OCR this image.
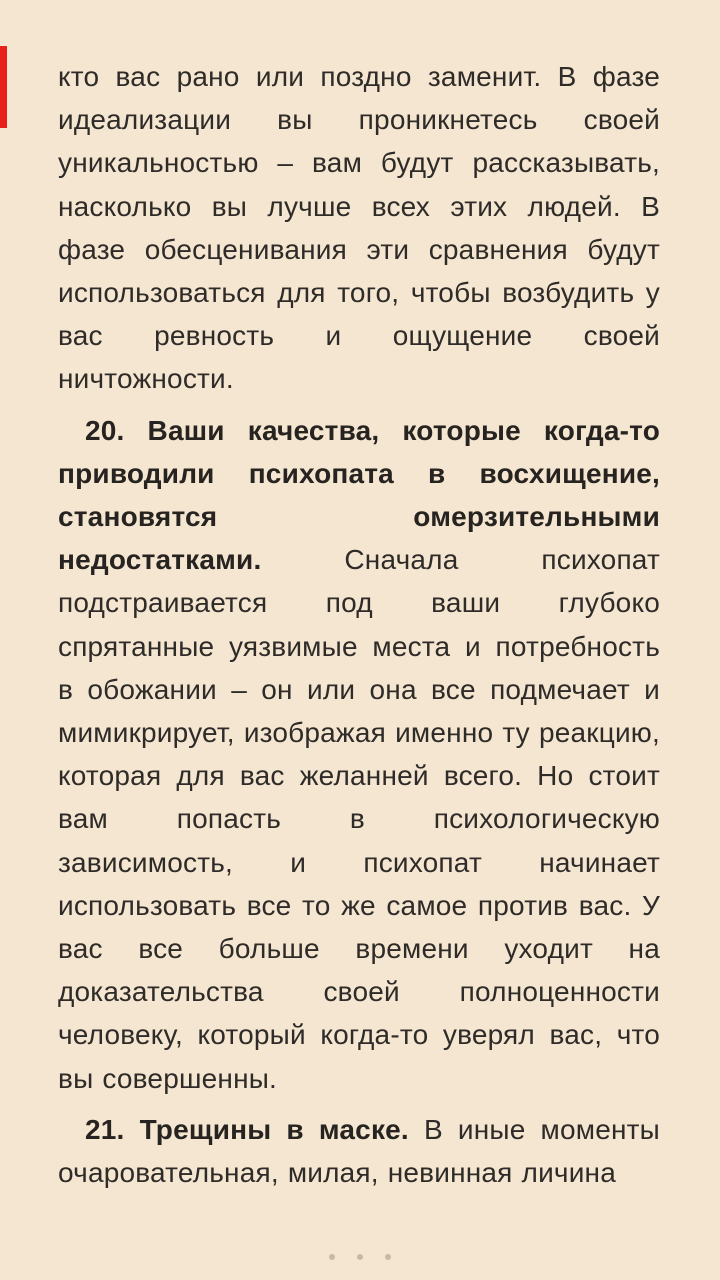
кто вас рано или поздно заменит. В фазе идеализации вы проникнетесь своей уникальностью – вам будут рассказывать, насколько вы лучше всех этих людей. В фазе обесценивания эти сравнения будут использоваться для того, чтобы возбудить у вас ревность и ощущение своей ничтожности.

20. Ваши качества, которые когда-то приводили психопата в восхищение, становятся омерзительными недостатками.	Сначала психопат подстраивается под ваши глубоко спрятанные уязвимые места и потребность в обожании – он или она все подмечает и мимикрирует, изображая именно ту реакцию, которая для вас желанней всего. Но стоит вам попасть в психологическую зависимость, и психопат начинает использовать все то же самое против вас. У вас все больше времени уходит на доказательства своей полноценности человеку, который когда-то уверял вас, что вы совершенны.

21. Трещины в маске. В иные моменты очаровательная, милая, невинная личина
